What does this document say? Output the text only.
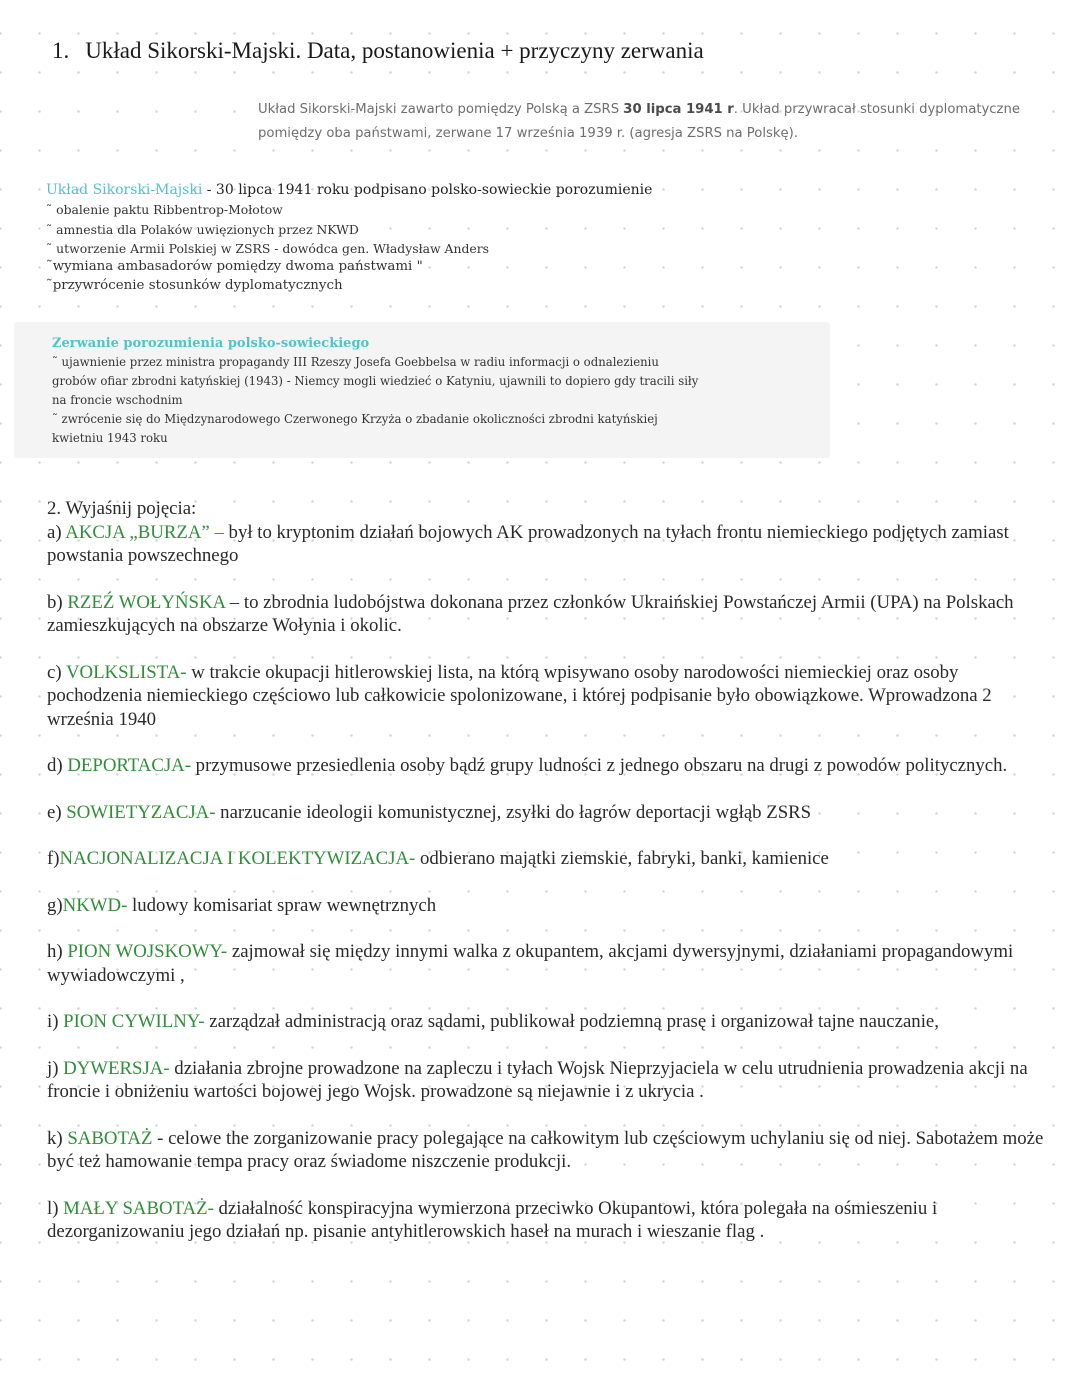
1. Układ Sikorski-Majski. Data, postanowienia + przyczyny zerwania
Układ Sikorski-Majski zawarto pomiędzy Polską a ZSRS 30 lipca 1941 r. Układ przywracał stosunki dyplomatyczne pomiędzy oba państwami, zerwane 17 września 1939 r. (agresja ZSRS na Polskę).
Układ Sikorski-Majski - 30 lipca 1941 roku podpisano polsko-sowieckie porozumienie
˜ obalenie paktu Ribbentrop-Mołotow
˜ amnestia dla Polaków uwięzionych przez NKWD
˜ utworzenie Armii Polskiej w ZSRS - dowódca gen. Władysław Anders
˜wymiana ambasadorów pomiędzy dwoma państwami "
˜przywrócenie stosunków dyplomatycznych
Zerwanie porozumienia polsko-sowieckiego
˜ ujawnienie przez ministra propagandy III Rzeszy Josefa Goebbelsa w radiu informacji o odnalezieniu
grobów ofiar zbrodni katyńskiej (1943) - Niemcy mogli wiedzieć o Katyniu, ujawnili to dopiero gdy tracili siły
na froncie wschodnim
˜ zwrócenie się do Międzynarodowego Czerwonego Krzyża o zbadanie okoliczności zbrodni katyńskiej
kwietniu 1943 roku

2. Wyjaśnij pojęcia:

a) AKCJA „BURZA” – był to kryptonim działań bojowych AK prowadzonych na tyłach frontu niemieckiego podjętych zamiast powstania powszechnego

b) RZEŹ WOŁYŃSKA – to zbrodnia ludobójstwa dokonana przez członków Ukraińskiej Powstańczej Armii (UPA) na Polskach zamieszkujących na obszarze Wołynia i okolic.

c) VOLKSLISTA- w trakcie okupacji hitlerowskiej lista, na którą wpisywano osoby narodowości niemieckiej oraz osoby pochodzenia niemieckiego częściowo lub całkowicie spolonizowane, i której podpisanie było obowiązkowe. Wprowadzona 2 września 1940

d) DEPORTACJA- przymusowe przesiedlenia osoby bądź grupy ludności z jednego obszaru na drugi z powodów politycznych.

e) SOWIETYZACJA- narzucanie ideologii komunistycznej, zsyłki do łagrów deportacji wgłąb ZSRS

f)NACJONALIZACJA I KOLEKTYWIZACJA- odbierano majątki ziemskie, fabryki, banki, kamienice

g)NKWD- ludowy komisariat spraw wewnętrznych

h) PION WOJSKOWY- zajmował się między innymi walka z okupantem, akcjami dywersyjnymi, działaniami propagandowymi wywiadowczymi ,

i) PION CYWILNY- zarządzał administracją oraz sądami, publikował podziemną prasę i organizował tajne nauczanie,

j) DYWERSJA- działania zbrojne prowadzone na zapleczu i tyłach Wojsk Nieprzyjaciela w celu utrudnienia prowadzenia akcji na froncie i obniżeniu wartości bojowej jego Wojsk. prowadzone są niejawnie i z ukrycia .

k) SABOTAŻ - celowe the zorganizowanie pracy polegające na całkowitym lub częściowym uchylaniu się od niej. Sabotażem może być też hamowanie tempa pracy oraz świadome niszczenie produkcji.

l) MAŁY SABOTAŻ- działalność konspiracyjna wymierzona przeciwko Okupantowi, która polegała na ośmieszeniu i dezorganizowaniu jego działań np. pisanie antyhitlerowskich haseł na murach i wieszanie flag .
